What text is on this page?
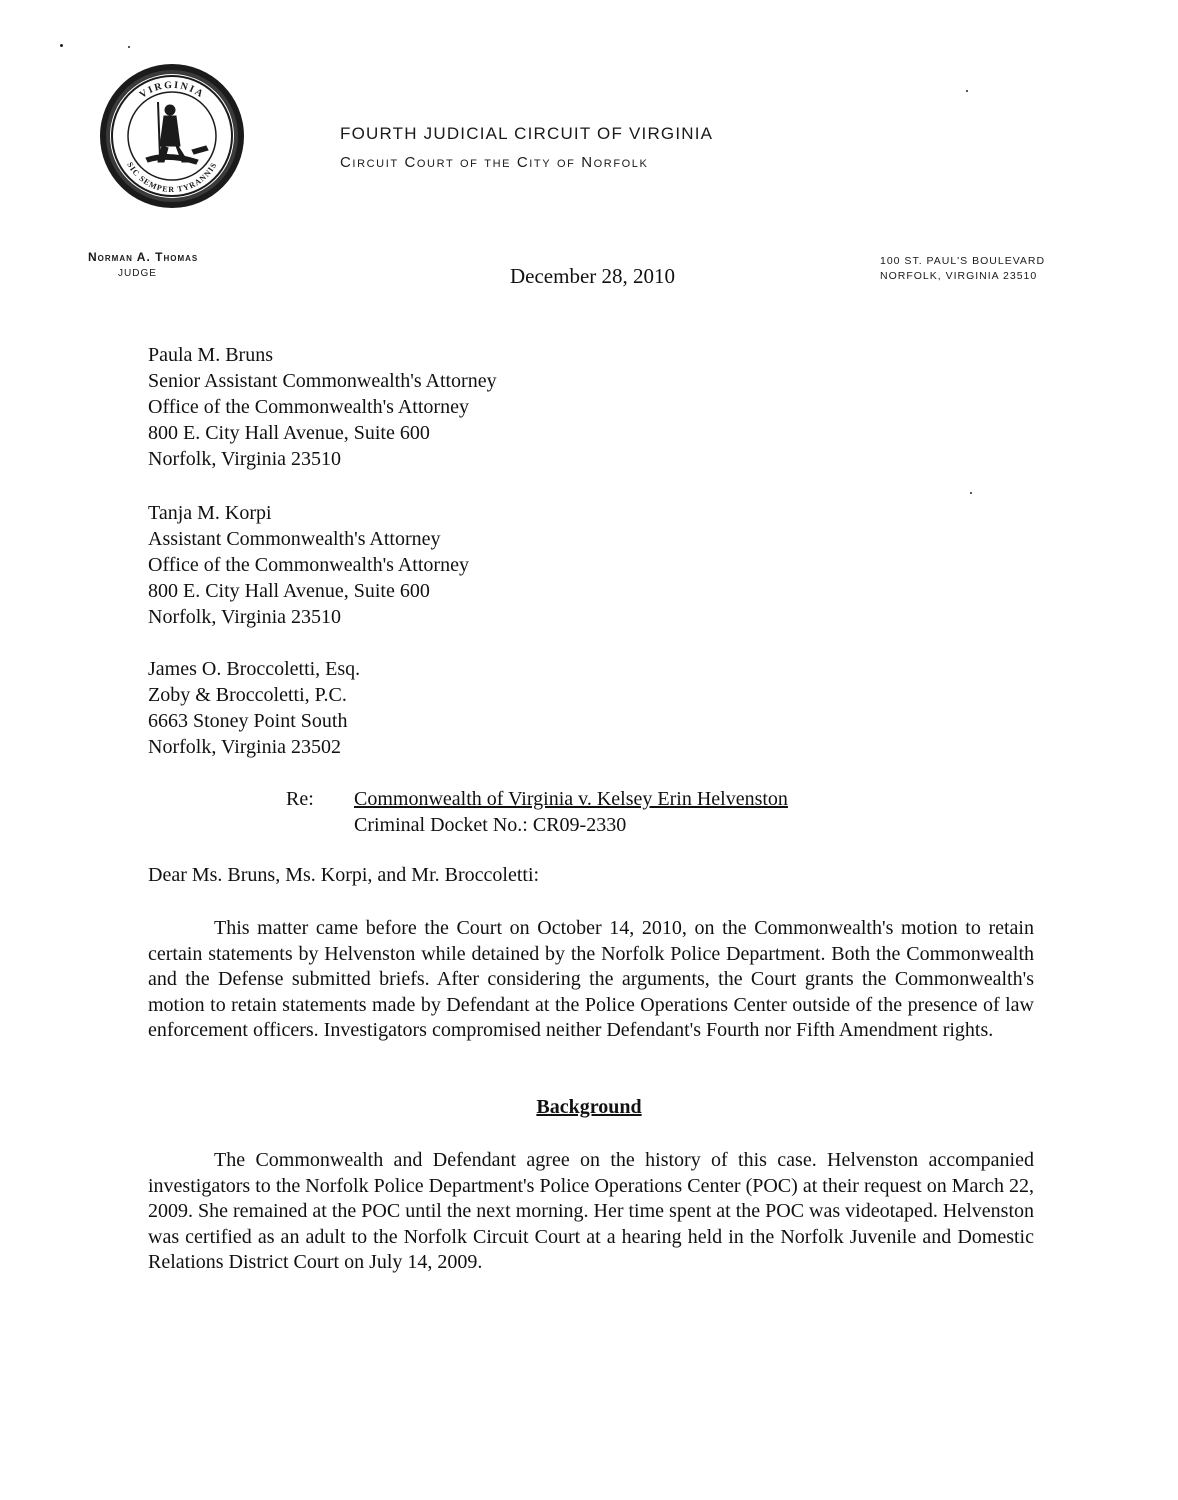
VIRGINIA
SIC SEMPER TYRANNIS
FOURTH JUDICIAL CIRCUIT OF VIRGINIA
Circuit Court of the City of Norfolk
Norman A. Thomas
JUDGE	December 28, 2010
100 ST. PAUL'S BOULEVARD
NORFOLK, VIRGINIA 23510
Paula M. Bruns
Senior Assistant Commonwealth's Attorney
Office of the Commonwealth's Attorney
800 E. City Hall Avenue, Suite 600
Norfolk, Virginia 23510
Tanja M. Korpi
Assistant Commonwealth's Attorney
Office of the Commonwealth's Attorney
800 E. City Hall Avenue, Suite 600
Norfolk, Virginia 23510
James O. Broccoletti, Esq.
Zoby & Broccoletti, P.C.
6663 Stoney Point South
Norfolk, Virginia 23502
Re: Commonwealth of Virginia v. Kelsey Erin Helvenston
Criminal Docket No.: CR09-2330
Dear Ms. Bruns, Ms. Korpi, and Mr. Broccoletti:
This matter came before the Court on October 14, 2010, on the Commonwealth's motion to retain certain statements by Helvenston while detained by the Norfolk Police Department. Both the Commonwealth and the Defense submitted briefs. After considering the arguments, the Court grants the Commonwealth's motion to retain statements made by Defendant at the Police Operations Center outside of the presence of law enforcement officers. Investigators compromised neither Defendant's Fourth nor Fifth Amendment rights.
Background
The Commonwealth and Defendant agree on the history of this case. Helvenston accompanied investigators to the Norfolk Police Department's Police Operations Center (POC) at their request on March 22, 2009. She remained at the POC until the next morning. Her time spent at the POC was videotaped. Helvenston was certified as an adult to the Norfolk Circuit Court at a hearing held in the Norfolk Juvenile and Domestic Relations District Court on July 14, 2009.
